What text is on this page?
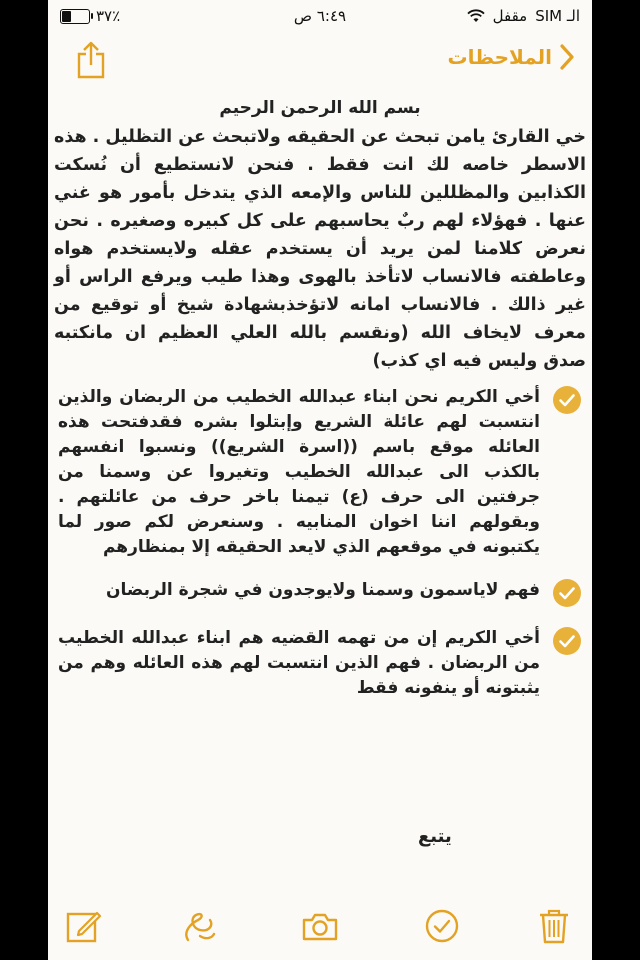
٣٧٪	٦:٤٩ ص	الـ SIM
مقفل
الملاحظات
بسم الله الرحمن الرحيم
خي القارئ يامن تبحث عن الحقيقه ولاتبحث عن التظليل . هذه الاسطر خاصه لك انت فقط . فنحن لانستطيع أن نُسكت الكذابين والمظللين للناس والإمعه الذي يتدخل بأمور هو غني عنها . فهؤلاء لهم ربٌ يحاسبهم على كل كبيره وصغيره . نحن نعرض كلامنا لمن يريد أن يستخدم عقله ولايستخدم هواه وعاطفته فالانساب لاتأخذ بالهوى وهذا طيب ويرفع الراس أو غير ذالك . فالانساب امانه لاتؤخذبشهادة شيخ أو توقيع من معرف لايخاف الله (ونقسم بالله العلي العظيم ان مانكتبه صدق وليس فيه اي كذب)
أخي الكريم نحن ابناء عبدالله الخطيب من الربضان والذين انتسبت لهم عائلة الشريع وإبتلوا بشره فقدفتحت هذه العائله موقع باسم ((اسرة الشريع)) ونسبوا انفسهم بالكذب الى عبدالله الخطيب وتغيروا عن وسمنا من جرفتين الى حرف (ع) تيمنا باخر حرف من عائلتهم . وبقولهم اننا اخوان المنابيه . وسنعرض لكم صور لما يكتبونه في موقعهم الذي لايعد الحقيقه إلا بمنظارهم
فهم لاياسمون وسمنا ولايوجدون في شجرة الربضان
أخي الكريم إن من تهمه القضيه هم ابناء عبدالله الخطيب من الربضان . فهم الذين انتسبت لهم هذه العائله وهم من يثبتونه أو ينفونه فقط
يتبع
